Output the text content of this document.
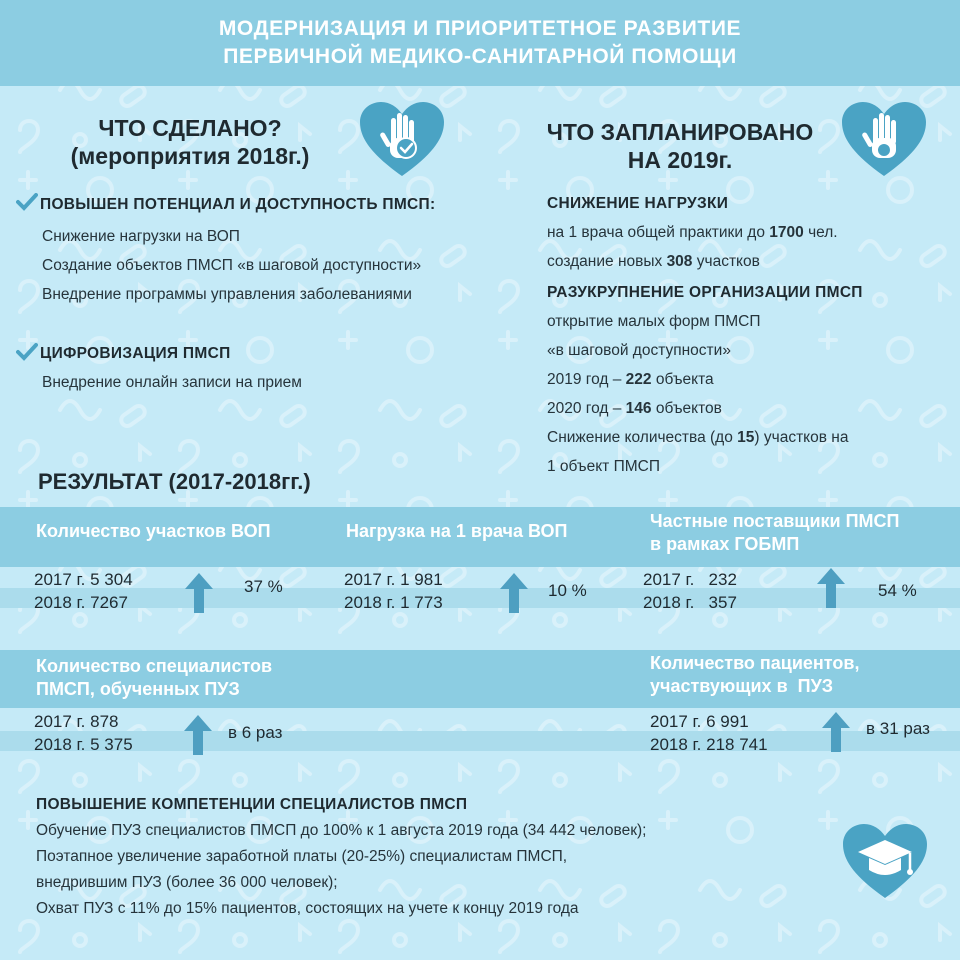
МОДЕРНИЗАЦИЯ И ПРИОРИТЕТНОЕ РАЗВИТИЕ
ПЕРВИЧНОЙ МЕДИКО-САНИТАРНОЙ ПОМОЩИ
ЧТО СДЕЛАНО?
(мероприятия 2018г.)
ПОВЫШЕН ПОТЕНЦИАЛ И ДОСТУПНОСТЬ ПМСП:
Снижение нагрузки на ВОП
Создание объектов ПМСП «в шаговой доступности»
Внедрение программы управления заболеваниями
ЦИФРОВИЗАЦИЯ ПМСП
Внедрение онлайн записи на прием
ЧТО ЗАПЛАНИРОВАНО
НА 2019г.
СНИЖЕНИЕ НАГРУЗКИ
на 1 врача общей практики до 1700 чел.
создание новых 308 участков
РАЗУКРУПНЕНИЕ ОРГАНИЗАЦИИ ПМСП
открытие малых форм ПМСП
«в шаговой доступности»
2019 год – 222 объекта
2020 год – 146 объектов
Снижение количества (до 15) участков на
1 объект ПМСП
РЕЗУЛЬТАТ (2017-2018гг.)
Количество участков ВОП
2017 г. 5 304
2018 г. 7267
37 %
Нагрузка на 1 врача ВОП
2017 г. 1 981
2018 г. 1 773
10 %
Частные поставщики ПМСП
в рамках ГОБМП
2017 г.   232
2018 г.   357
54 %
Количество специалистов
ПМСП, обученных ПУЗ
2017 г. 878
2018 г. 5 375
в 6 раз
Количество пациентов,
участвующих в  ПУЗ
2017 г. 6 991
2018 г. 218 741
в 31 раз
ПОВЫШЕНИЕ КОМПЕТЕНЦИИ СПЕЦИАЛИСТОВ ПМСП
Обучение ПУЗ специалистов ПМСП до 100% к 1 августа 2019 года (34 442 человек);
Поэтапное увеличение заработной платы (20-25%) специалистам ПМСП,
внедрившим ПУЗ (более 36 000 человек);
Охват ПУЗ с 11% до 15% пациентов, состоящих на учете к концу 2019 года
